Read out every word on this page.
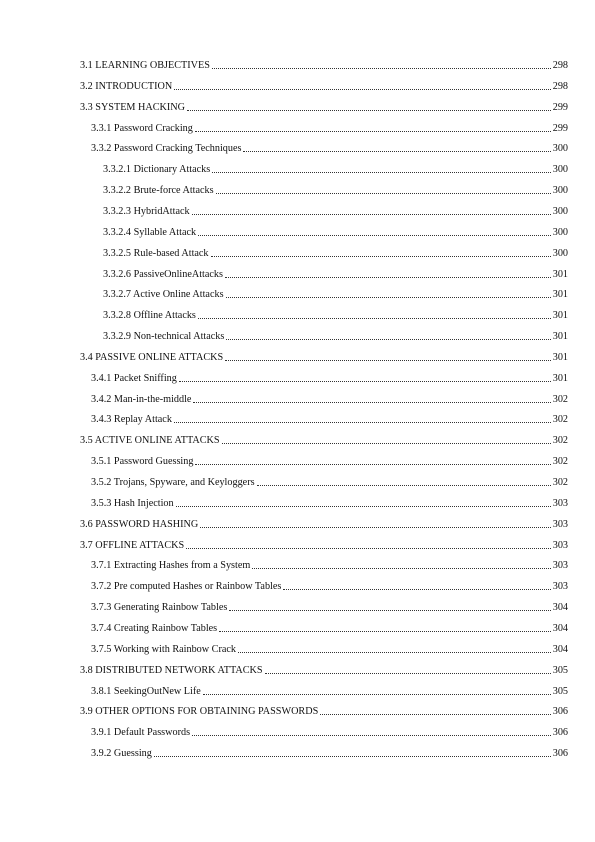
3.1 LEARNING OBJECTIVES	298
3.2 INTRODUCTION	298
3.3 SYSTEM HACKING	299
3.3.1 Password Cracking	299
3.3.2 Password Cracking Techniques	300
3.3.2.1 Dictionary Attacks	300
3.3.2.2 Brute-force Attacks	300
3.3.2.3 HybridAttack	300
3.3.2.4 Syllable Attack	300
3.3.2.5 Rule-based Attack	300
3.3.2.6 PassiveOnlineAttacks	301
3.3.2.7 Active Online Attacks	301
3.3.2.8 Offline Attacks	301
3.3.2.9 Non-technical Attacks	301
3.4 PASSIVE ONLINE ATTACKS	301
3.4.1 Packet Sniffing	301
3.4.2 Man-in-the-middle	302
3.4.3 Replay Attack	302
3.5 ACTIVE ONLINE ATTACKS	302
3.5.1 Password Guessing	302
3.5.2 Trojans, Spyware, and Keyloggers	302
3.5.3 Hash Injection	303
3.6 PASSWORD HASHING	303
3.7 OFFLINE ATTACKS	303
3.7.1 Extracting Hashes from a System	303
3.7.2 Pre computed Hashes or Rainbow Tables	303
3.7.3 Generating Rainbow Tables	304
3.7.4 Creating Rainbow Tables	304
3.7.5 Working with Rainbow Crack	304
3.8 DISTRIBUTED NETWORK ATTACKS	305
3.8.1 SeekingOutNew Life	305
3.9 OTHER OPTIONS FOR OBTAINING PASSWORDS	306
3.9.1 Default Passwords	306
3.9.2 Guessing	306
